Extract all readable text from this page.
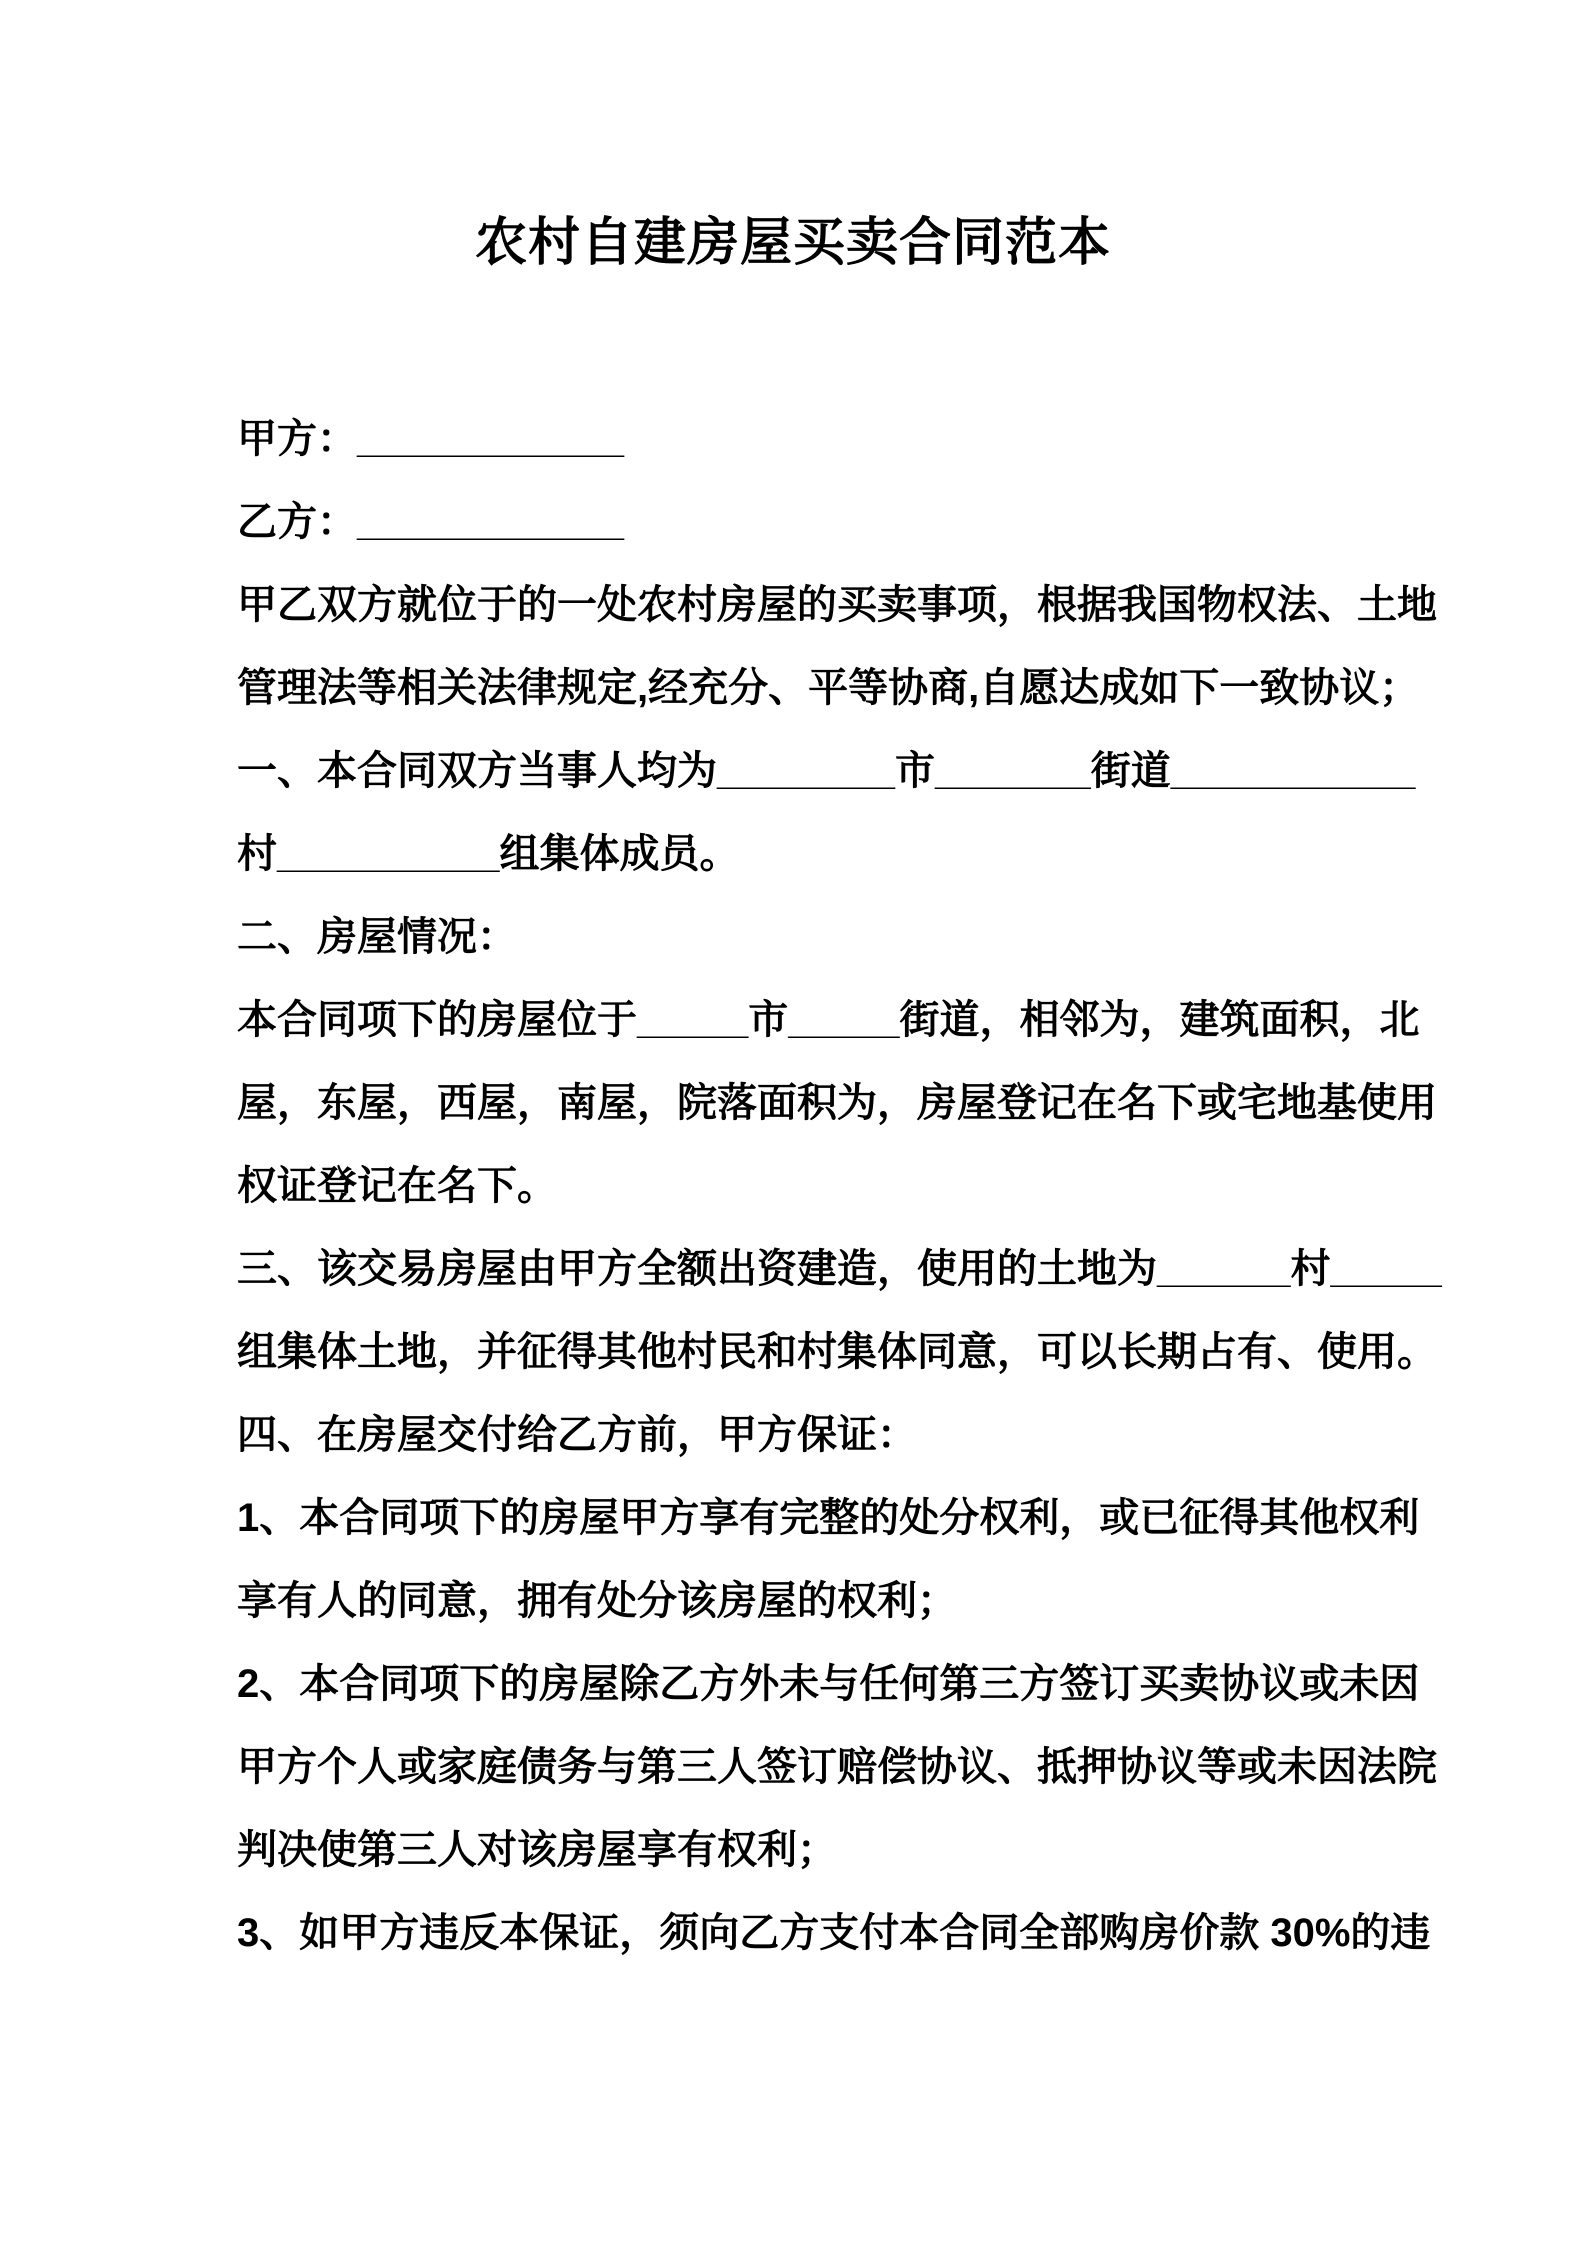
农村自建房屋买卖合同范本
甲方：____________
乙方：____________
甲乙双方就位于的一处农村房屋的买卖事项，根据我国物权法、土地
管理法等相关法律规定,经充分、平等协商,自愿达成如下一致协议；
一、本合同双方当事人均为________市_______街道___________
村__________组集体成员。
二、房屋情况：
本合同项下的房屋位于_____市_____街道，相邻为，建筑面积，北
屋，东屋，西屋，南屋，院落面积为，房屋登记在名下或宅地基使用
权证登记在名下。
三、该交易房屋由甲方全额出资建造，使用的土地为______村_____
组集体土地，并征得其他村民和村集体同意，可以长期占有、使用。
四、在房屋交付给乙方前，甲方保证：
1、本合同项下的房屋甲方享有完整的处分权利，或已征得其他权利
享有人的同意，拥有处分该房屋的权利；
2、本合同项下的房屋除乙方外未与任何第三方签订买卖协议或未因
甲方个人或家庭债务与第三人签订赔偿协议、抵押协议等或未因法院
判决使第三人对该房屋享有权利；
3、如甲方违反本保证，须向乙方支付本合同全部购房价款 30%的违
